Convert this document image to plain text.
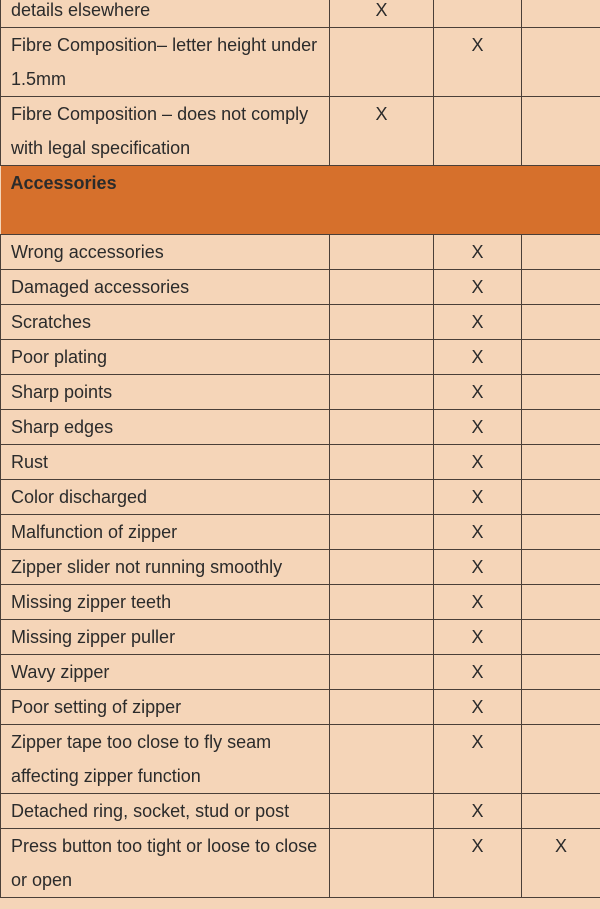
details elsewhere	X		
Fibre Composition– letter height under 1.5mm		X	
Fibre Composition – does not comply with legal specification	X		
Accessories			
Wrong accessories		X	
Damaged accessories		X	
Scratches		X	
Poor plating		X	
Sharp points		X	
Sharp edges		X	
Rust		X	
Color discharged		X	
Malfunction of zipper		X	
Zipper slider not running smoothly		X	
Missing zipper teeth		X	
Missing zipper puller		X	
Wavy zipper		X	
Poor setting of zipper		X	
Zipper tape too close to fly seam affecting zipper function		X	
Detached ring, socket, stud or post		X	
Press button too tight or loose to close or open		X	X
